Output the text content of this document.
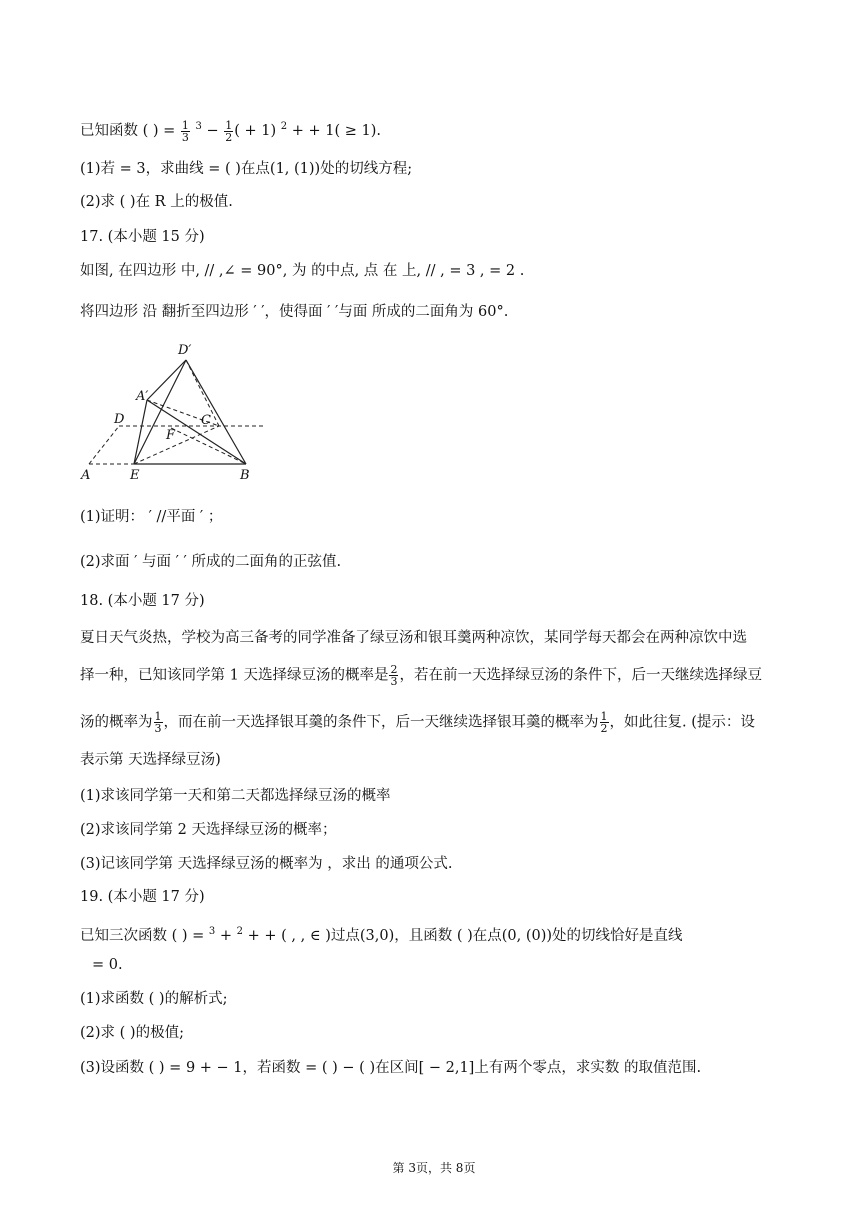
已知函数 ( ) = $\frac{1}{3} ^3 - \frac{1}{2}$ ( + 1) $^2$ + + 1( ≥ 1).
(1)若 = 3，求曲线 = ( )在点(1, (1))处的切线方程;
(2)求 ( )在 R 上的极值.
17. (本小题 15 分)
如图, 在四边形 中, // ,∠ = 90°, 为 的中点, 点 在 上, // , = 3 , = 2 .
将四边形 沿 翻折至四边形 ′ ′，使得面 ′ ′与面 所成的二面角为 60°.
D′
A′
D	C
F
A	E	B
(1)证明： ′ //平面 ′ ；
(2)求面 ′ 与面 ′ ′ 所成的二面角的正弦值.
18. (本小题 17 分)
夏日天气炎热，学校为高三备考的同学准备了绿豆汤和银耳羹两种凉饮，某同学每天都会在两种凉饮中选
择一种，已知该同学第 1 天选择绿豆汤的概率是 $\frac{2}{3}$ ，若在前一天选择绿豆汤的条件下，后一天继续选择绿豆
汤的概率为 $\frac{1}{3}$ ，而在前一天选择银耳羹的条件下，后一天继续选择银耳羹的概率为 $\frac{1}{2}$ ，如此往复. (提示：设
表示第 天选择绿豆汤)
(1)求该同学第一天和第二天都选择绿豆汤的概率
(2)求该同学第 2 天选择绿豆汤的概率；
(3)记该同学第 天选择绿豆汤的概率为 ，求出 的通项公式.
19. (本小题 17 分)
已知三次函数 ( ) = $^3$ + $^2$ + + ( , , ∈ )过点(3,0)，且函数 ( )在点(0, (0))处的切线恰好是直线
= 0.
(1)求函数 ( )的解析式;
(2)求 ( )的极值;
(3)设函数 ( ) = 9 + − 1，若函数 = ( ) − ( )在区间[ − 2,1]上有两个零点，求实数 的取值范围.
第 3页，共 8页
